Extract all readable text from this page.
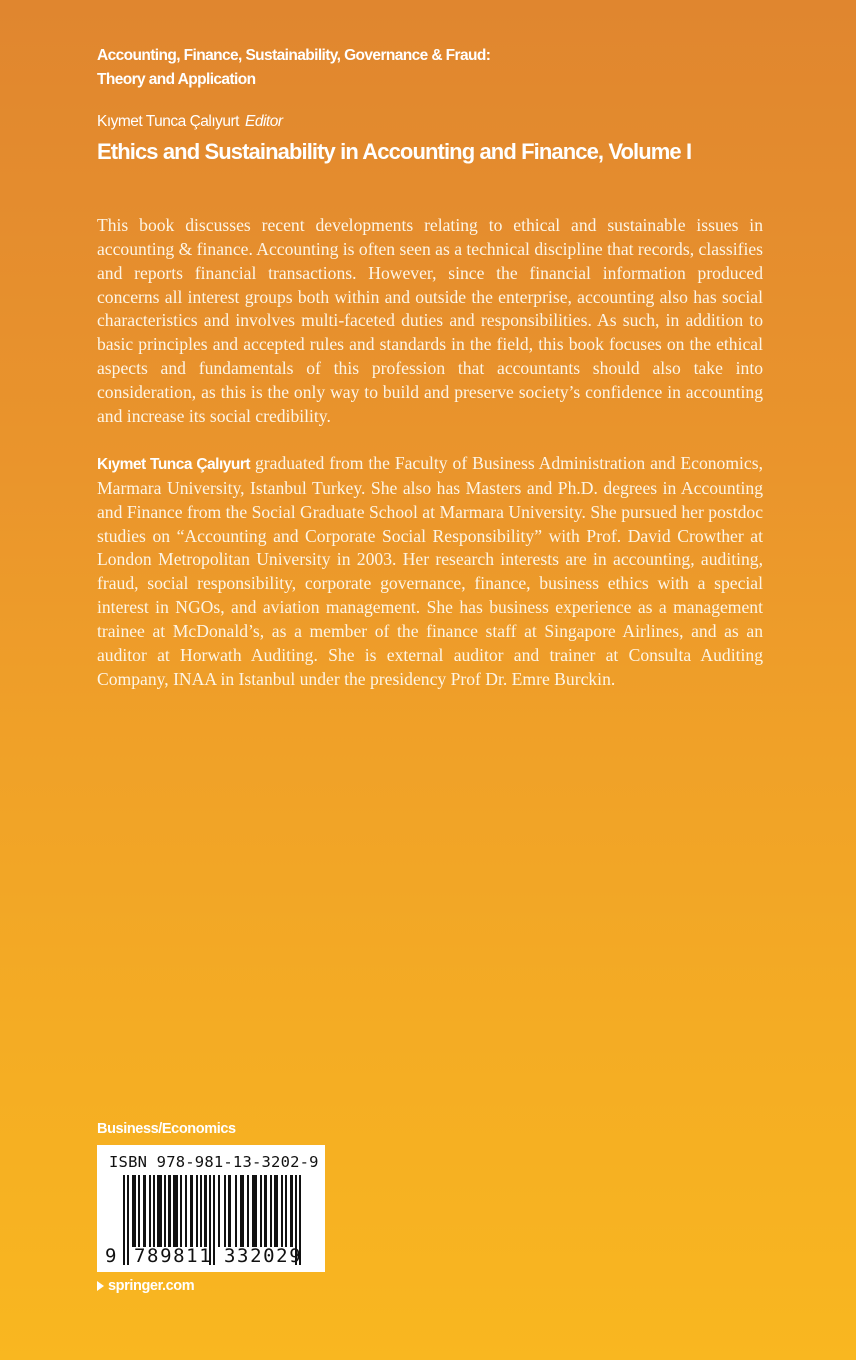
Accounting, Finance, Sustainability, Governance & Fraud:
Theory and Application
Kıymet Tunca Çalıyurt Editor
Ethics and Sustainability in Accounting and Finance, Volume I

This book discusses recent developments relating to ethical and sustainable issues in accounting & finance. Accounting is often seen as a technical discipline that records, classifies and reports financial transactions. However, since the financial information produced concerns all interest groups both within and outside the enterprise, accounting also has social characteristics and involves multi-faceted duties and responsibilities. As such, in addition to basic principles and accepted rules and standards in the field, this book focuses on the ethical aspects and fundamentals of this profession that accountants should also take into consideration, as this is the only way to build and preserve society’s confidence in accounting and increase its social credibility.

Kıymet Tunca Çalıyurt graduated from the Faculty of Business Administration and Economics, Marmara University, Istanbul Turkey. She also has Masters and Ph.D. degrees in Accounting and Finance from the Social Graduate School at Marmara University. She pursued her postdoc studies on “Accounting and Corporate Social Responsibility” with Prof. David Crowther at London Metropolitan University in 2003. Her research interests are in accounting, auditing, fraud, social responsibility, corporate governance, finance, business ethics with a special interest in NGOs, and aviation management. She has business experience as a management trainee at McDonald’s, as a member of the finance staff at Singapore Airlines, and as an auditor at Horwath Auditing. She is external auditor and trainer at Consulta Auditing Company, INAA in Istanbul under the presidency Prof Dr. Emre Burckin.

Business/Economics
ISBN 978-981-13-3202-9
9 789811 332029
springer.com
